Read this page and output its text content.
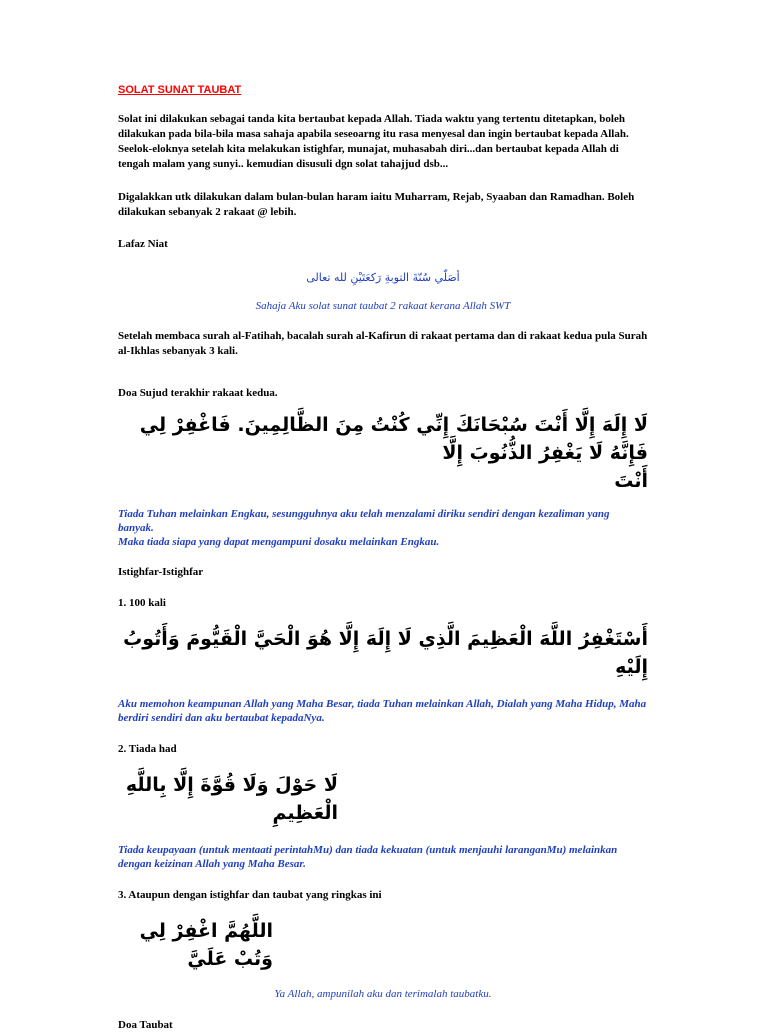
SOLAT SUNAT TAUBAT

Solat ini dilakukan sebagai tanda kita bertaubat kepada Allah. Tiada waktu yang tertentu ditetapkan, boleh dilakukan pada bila-bila masa sahaja apabila seseoarng itu rasa menyesal dan ingin bertaubat kepada Allah. Seelok-eloknya setelah kita melakukan istighfar, munajat, muhasabah diri...dan bertaubat kepada Allah di tengah malam yang sunyi.. kemudian disusuli dgn solat tahajjud dsb...

Digalakkan utk dilakukan dalam bulan-bulan haram iaitu Muharram, Rejab, Syaaban dan Ramadhan. Boleh dilakukan sebanyak 2 rakaat @ lebih.

Lafaz Niat

أصَلّي سُنّةَ التوبةِ رَكعَتَيْنِ لله تعالى

Sahaja Aku solat sunat taubat 2 rakaat kerana Allah SWT

Setelah membaca surah al-Fatihah, bacalah surah al-Kafirun di rakaat pertama dan di rakaat kedua pula Surah al-Ikhlas sebanyak 3 kali.

Doa Sujud terakhir rakaat kedua.

لَا إِلَهَ إِلَّا أَنْتَ سُبْحَانَكَ إِنِّي كُنْتُ مِنَ الظَّالِمِينَ. فَاغْفِرْ لِي فَإِنَّهُ لَا يَغْفِرُ الذُّنُوبَ إِلَّا

أَنْتَ

Tiada Tuhan melainkan Engkau, sesungguhnya aku telah menzalami diriku sendiri dengan kezaliman yang banyak.

Maka tiada siapa yang dapat mengampuni dosaku melainkan Engkau.

Istighfar-Istighfar

1. 100 kali

أَسْتَغْفِرُ اللَّهَ الْعَظِيمَ الَّذِي لَا إِلَهَ إِلَّا هُوَ الْحَيَّ الْقَيُّومَ وَأَتُوبُ إِلَيْهِ

Aku memohon keampunan Allah yang Maha Besar, tiada Tuhan melainkan Allah, Dialah yang Maha Hidup, Maha berdiri sendiri dan aku bertaubat kepadaNya.

2. Tiada had

لَا حَوْلَ وَلَا قُوَّةَ إِلَّا بِاللَّهِ الْعَظِيمِ

Tiada keupayaan (untuk mentaati perintahMu) dan tiada kekuatan (untuk menjauhi laranganMu) melainkan dengan keizinan Allah yang Maha Besar.

3. Ataupun dengan istighfar dan taubat yang ringkas ini

اللَّهُمَّ اغْفِرْ لِي وَتُبْ عَلَيَّ

Ya Allah, ampunilah aku dan terimalah taubatku.

Doa Taubat
